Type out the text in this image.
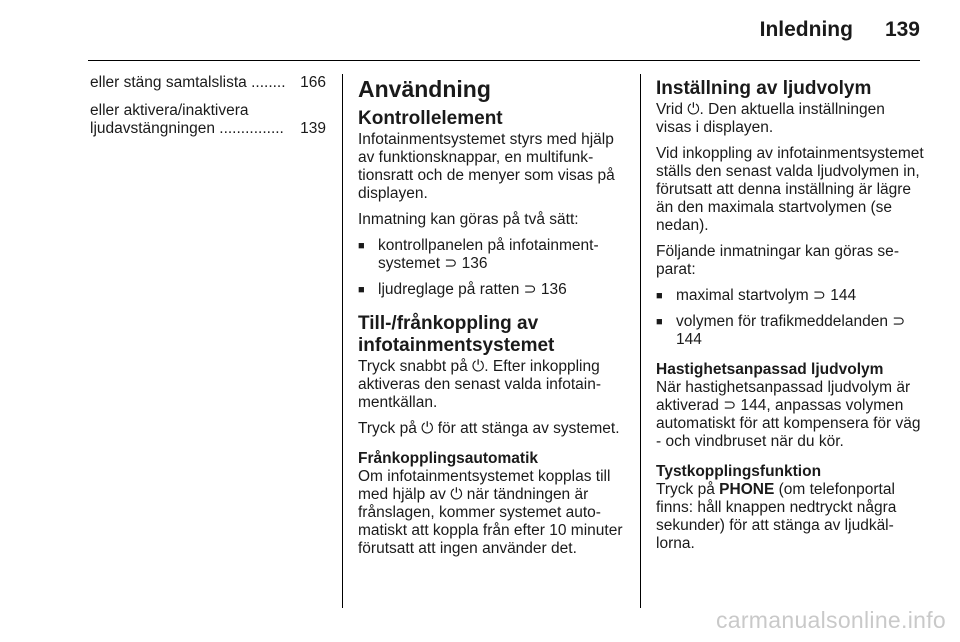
Inledning 139
eller stäng samtalslista ........ 166
eller aktivera/inaktivera
ljudavstängningen ............... 139
Användning
Kontrollelement

Infotainmentsystemet styrs med hjälp av funktionsknappar, en multifunktionsratt och de menyer som visas på displayen.

Inmatning kan göras på två sätt:

■ kontrollpanelen på infotainmentsystemet ⊃ 136
■ ljudreglage på ratten ⊃ 136
Till-/frånkoppling av infotainmentsystemet

Tryck snabbt på ⏻. Efter inkoppling aktiveras den senast valda infotainmentkällan.

Tryck på ⏻ för att stänga av systemet.

Frånkopplingsautomatik

Om infotainmentsystemet kopplas till med hjälp av ⏻ när tändningen är frånslagen, kommer systemet automatiskt att koppla från efter 10 minuter förutsatt att ingen använder det.

Inställning av ljudvolym

Vrid ⏻. Den aktuella inställningen visas i displayen.

Vid inkoppling av infotainmentsystemet ställs den senast valda ljudvolymen in, förutsatt att denna inställning är lägre än den maximala startvolymen (se nedan).

Följande inmatningar kan göras separat:

■ maximal startvolym ⊃ 144
■ volymen för trafikmeddelanden ⊃ 144
Hastighetsanpassad ljudvolym

När hastighetsanpassad ljudvolym är aktiverad ⊃ 144, anpassas volymen automatiskt för att kompensera för väg - och vindbruset när du kör.

Tystkopplingsfunktion

Tryck på PHONE (om telefonportal finns: håll knappen nedtryckt några sekunder) för att stänga av ljudkällorna.

carmanualsonline.info
